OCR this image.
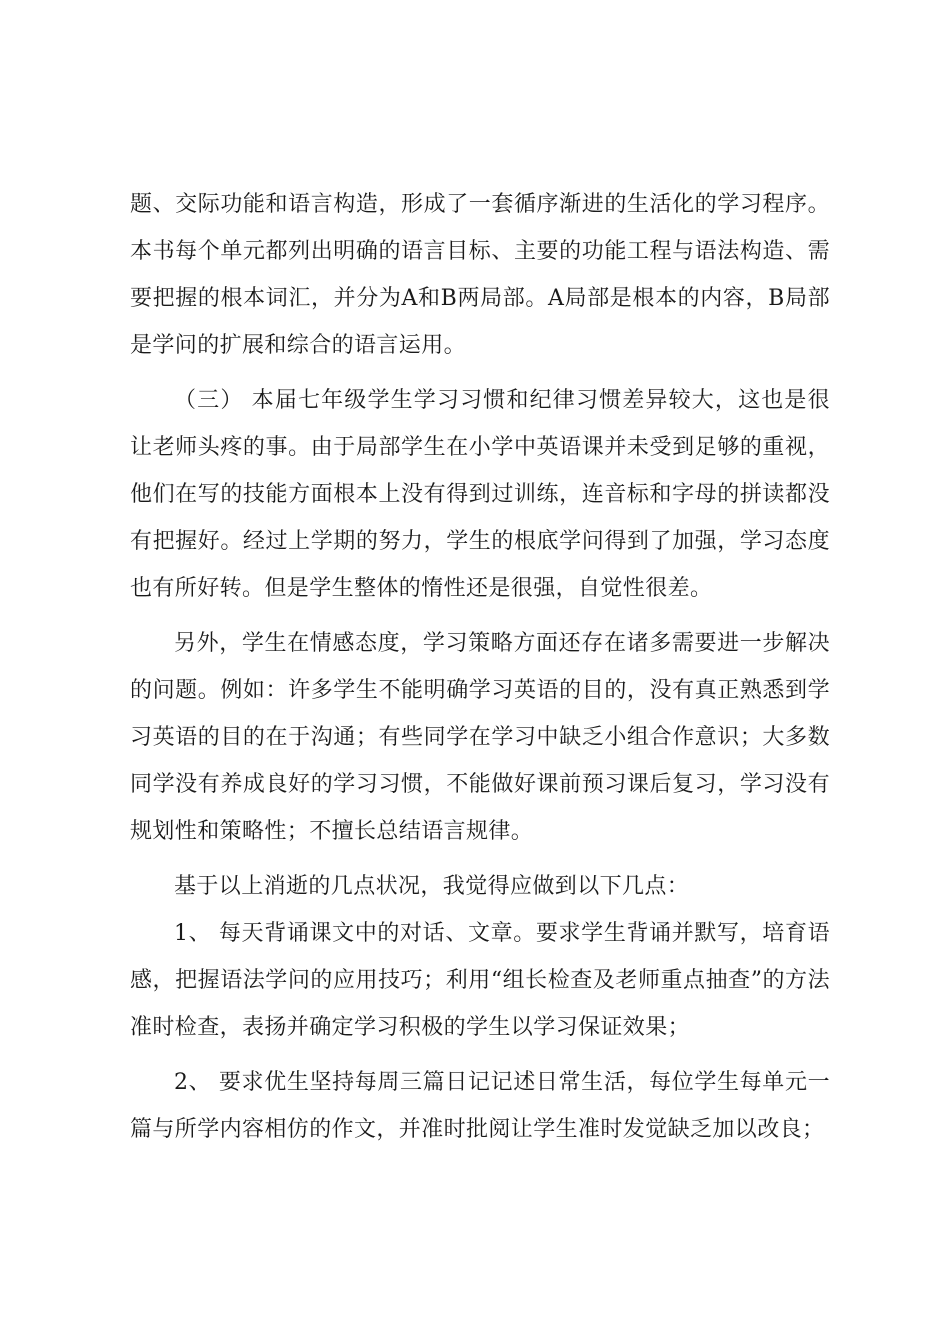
题、交际功能和语言构造，形成了一套循序渐进的生活化的学习程序。本书每个单元都列出明确的语言目标、主要的功能工程与语法构造、需要把握的根本词汇，并分为A和B两局部。A局部是根本的内容，B局部是学问的扩展和综合的语言运用。

（三） 本届七年级学生学习习惯和纪律习惯差异较大，这也是很让老师头疼的事。由于局部学生在小学中英语课并未受到足够的重视，他们在写的技能方面根本上没有得到过训练，连音标和字母的拼读都没有把握好。经过上学期的努力，学生的根底学问得到了加强，学习态度也有所好转。但是学生整体的惰性还是很强，自觉性很差。

另外，学生在情感态度，学习策略方面还存在诸多需要进一步解决的问题。例如：许多学生不能明确学习英语的目的，没有真正熟悉到学习英语的目的在于沟通；有些同学在学习中缺乏小组合作意识；大多数同学没有养成良好的学习习惯，不能做好课前预习课后复习，学习没有规划性和策略性；不擅长总结语言规律。

基于以上消逝的几点状况，我觉得应做到以下几点：

1、 每天背诵课文中的对话、文章。要求学生背诵并默写，培育语感，把握语法学问的应用技巧；利用“组长检查及老师重点抽查”的方法准时检查，表扬并确定学习积极的学生以学习保证效果；

2、 要求优生坚持每周三篇日记记述日常生活，每位学生每单元一篇与所学内容相仿的作文，并准时批阅让学生准时发觉缺乏加以改良；
